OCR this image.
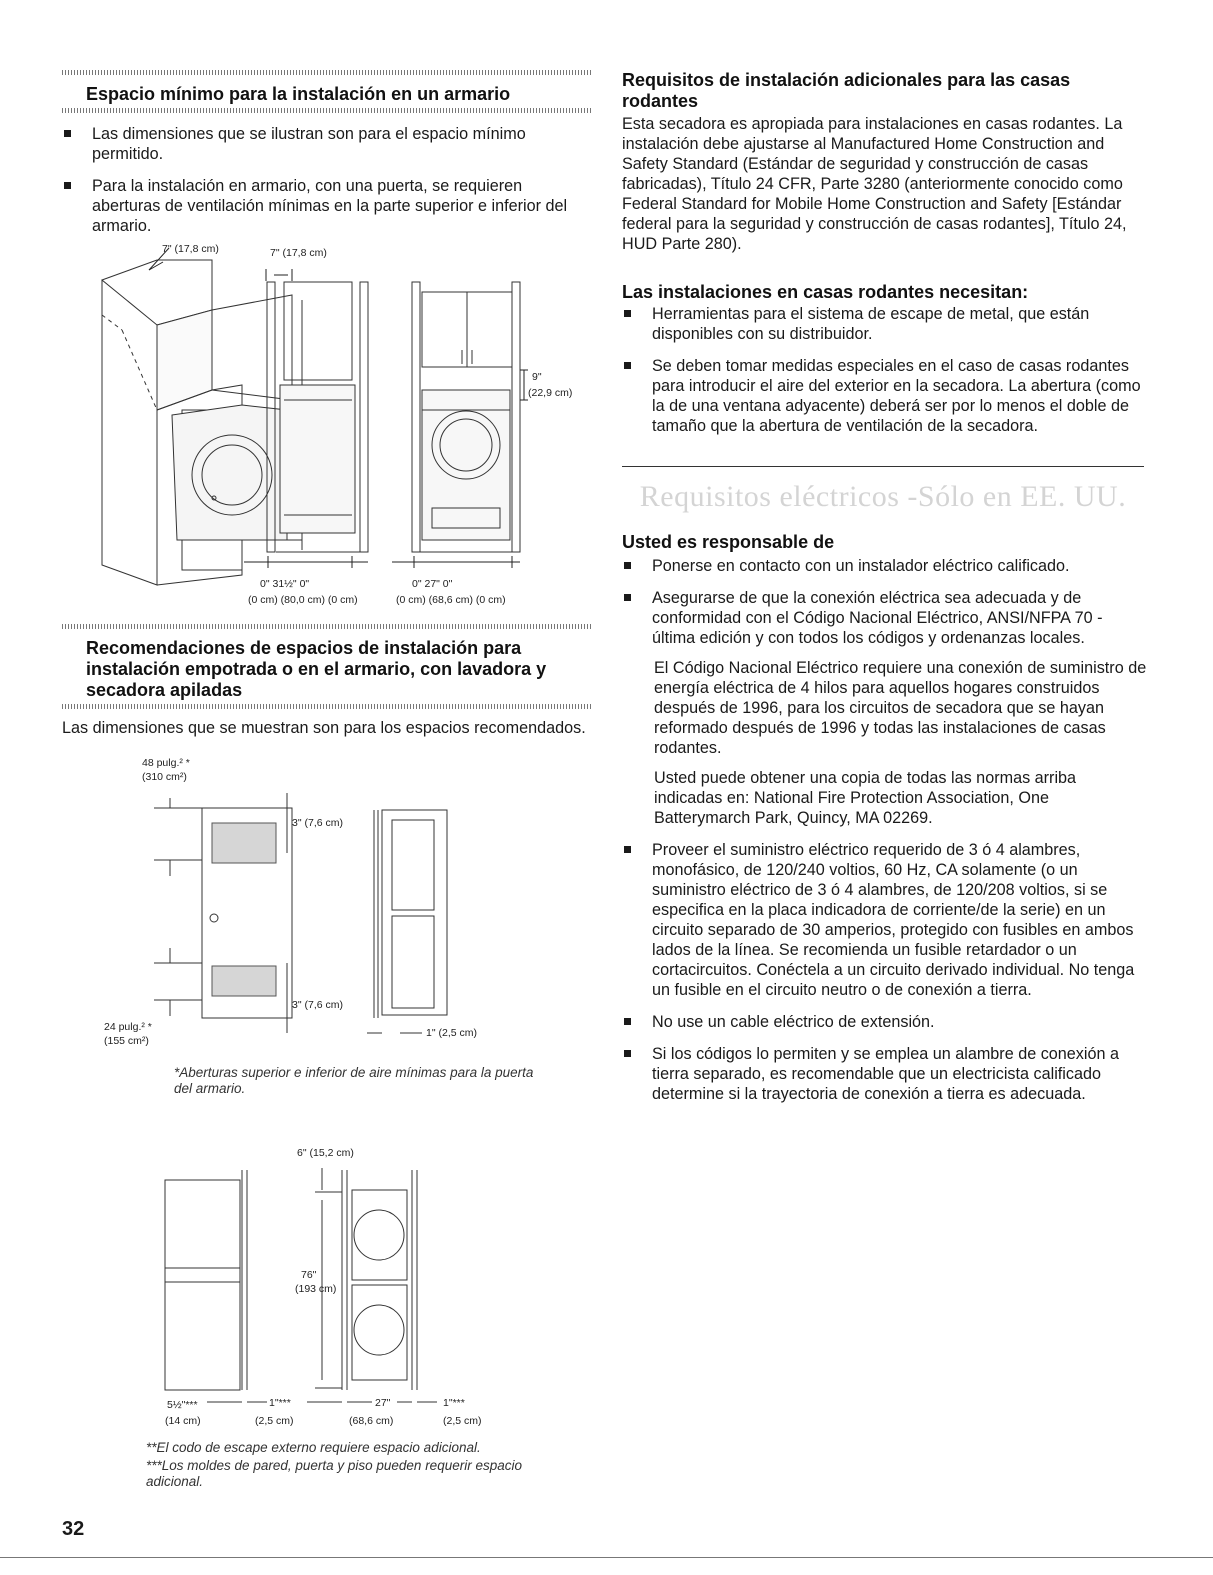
Espacio mínimo para la instalación en un armario
Las dimensiones que se ilustran son para el espacio mínimo permitido.
Para la instalación en armario, con una puerta, se requieren aberturas de ventilación mínimas en la parte superior e inferior del armario.
7" (17,8 cm)	7" (17,8 cm)
9"
(22,9 cm)
0" 31½" 0"
(0 cm) (80,0 cm) (0 cm)
0" 27" 0"
(0 cm) (68,6 cm) (0 cm)
Recomendaciones de espacios de instalación para instalación empotrada o en el armario, con lavadora y secadora apiladas

Las dimensiones que se muestran son para los espacios recomendados.

48 pulg.² *
(310 cm²)
3" (7,6 cm)
3" (7,6 cm)
24 pulg.² *
(155 cm²)
1" (2,5 cm)

*Aberturas superior e inferior de aire mínimas para la puerta del armario.

6" (15,2 cm)
76"
(193 cm)
5½"***
(14 cm)
1"***
(2,5 cm)
27"
(68,6 cm)
1"***
(2,5 cm)

**El codo de escape externo requiere espacio adicional.

***Los moldes de pared, puerta y piso pueden requerir espacio adicional.

32
Requisitos de instalación adicionales para las casas rodantes

Esta secadora es apropiada para instalaciones en casas rodantes. La instalación debe ajustarse al Manufactured Home Construction and Safety Standard (Estándar de seguridad y construcción de casas fabricadas), Título 24 CFR, Parte 3280 (anteriormente conocido como Federal Standard for Mobile Home Construction and Safety [Estándar federal para la seguridad y construcción de casas rodantes], Título 24, HUD Parte 280).

Las instalaciones en casas rodantes necesitan:
Herramientas para el sistema de escape de metal, que están disponibles con su distribuidor.
Se deben tomar medidas especiales en el caso de casas rodantes para introducir el aire del exterior en la secadora. La abertura (como la de una ventana adyacente) deberá ser por lo menos el doble de tamaño que la abertura de ventilación de la secadora.
Requisitos eléctricos -Sólo en EE. UU.
Usted es responsable de
Ponerse en contacto con un instalador eléctrico calificado.
Asegurarse de que la conexión eléctrica sea adecuada y de conformidad con el Código Nacional Eléctrico, ANSI/NFPA 70 - última edición y con todos los códigos y ordenanzas locales.

El Código Nacional Eléctrico requiere una conexión de suministro de energía eléctrica de 4 hilos para aquellos hogares construidos después de 1996, para los circuitos de secadora que se hayan reformado después de 1996 y todas las instalaciones de casas rodantes.

Usted puede obtener una copia de todas las normas arriba indicadas en: National Fire Protection Association, One Batterymarch Park, Quincy, MA 02269.

Proveer el suministro eléctrico requerido de 3 ó 4 alambres, monofásico, de 120/240 voltios, 60 Hz, CA solamente (o un suministro eléctrico de 3 ó 4 alambres, de 120/208 voltios, si se especifica en la placa indicadora de corriente/de la serie) en un circuito separado de 30 amperios, protegido con fusibles en ambos lados de la línea. Se recomienda un fusible retardador o un cortacircuitos. Conéctela a un circuito derivado individual. No tenga un fusible en el circuito neutro o de conexión a tierra.
No use un cable eléctrico de extensión.
Si los códigos lo permiten y se emplea un alambre de conexión a tierra separado, es recomendable que un electricista calificado determine si la trayectoria de conexión a tierra es adecuada.
